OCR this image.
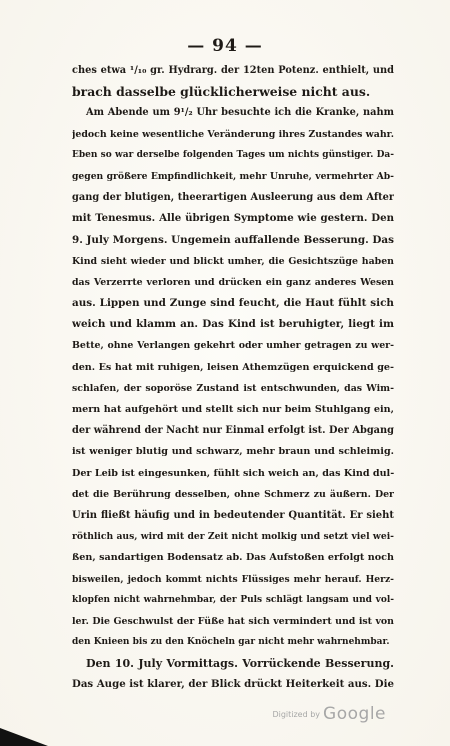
— 94 —
ches etwa ¹/₁₀ gr. Hydrarg. der 12ten Potenz. enthielt, und
brach dasselbe glücklicherweise nicht aus.
Am Abende um 9¹/₂ Uhr besuchte ich die Kranke, nahm
jedoch keine wesentliche Veränderung ihres Zustandes wahr.
Eben so war derselbe folgenden Tages um nichts günstiger. Da-
gegen größere Empfindlichkeit, mehr Unruhe, vermehrter Ab-
gang der blutigen, theerartigen Ausleerung aus dem After
mit Tenesmus. Alle übrigen Symptome wie gestern. Den
9. July Morgens. Ungemein auffallende Besserung. Das
Kind sieht wieder und blickt umher, die Gesichtszüge haben
das Verzerrte verloren und drücken ein ganz anderes Wesen
aus. Lippen und Zunge sind feucht, die Haut fühlt sich
weich und klamm an. Das Kind ist beruhigter, liegt im
Bette, ohne Verlangen gekehrt oder umher getragen zu wer-
den. Es hat mit ruhigen, leisen Athemzügen erquickend ge-
schlafen, der soporöse Zustand ist entschwunden, das Wim-
mern hat aufgehört und stellt sich nur beim Stuhlgang ein,
der während der Nacht nur Einmal erfolgt ist. Der Abgang
ist weniger blutig und schwarz, mehr braun und schleimig.
Der Leib ist eingesunken, fühlt sich weich an, das Kind dul-
det die Berührung desselben, ohne Schmerz zu äußern. Der
Urin fließt häufig und in bedeutender Quantität. Er sieht
röthlich aus, wird mit der Zeit nicht molkig und setzt viel wei-
ßen, sandartigen Bodensatz ab. Das Aufstoßen erfolgt noch
bisweilen, jedoch kommt nichts Flüssiges mehr herauf. Herz-
klopfen nicht wahrnehmbar, der Puls schlägt langsam und vol-
ler. Die Geschwulst der Füße hat sich vermindert und ist von
den Knieen bis zu den Knöcheln gar nicht mehr wahrnehmbar.
Den 10. July Vormittags. Vorrückende Besserung.
Das Auge ist klarer, der Blick drückt Heiterkeit aus. Die
Digitized by Google
